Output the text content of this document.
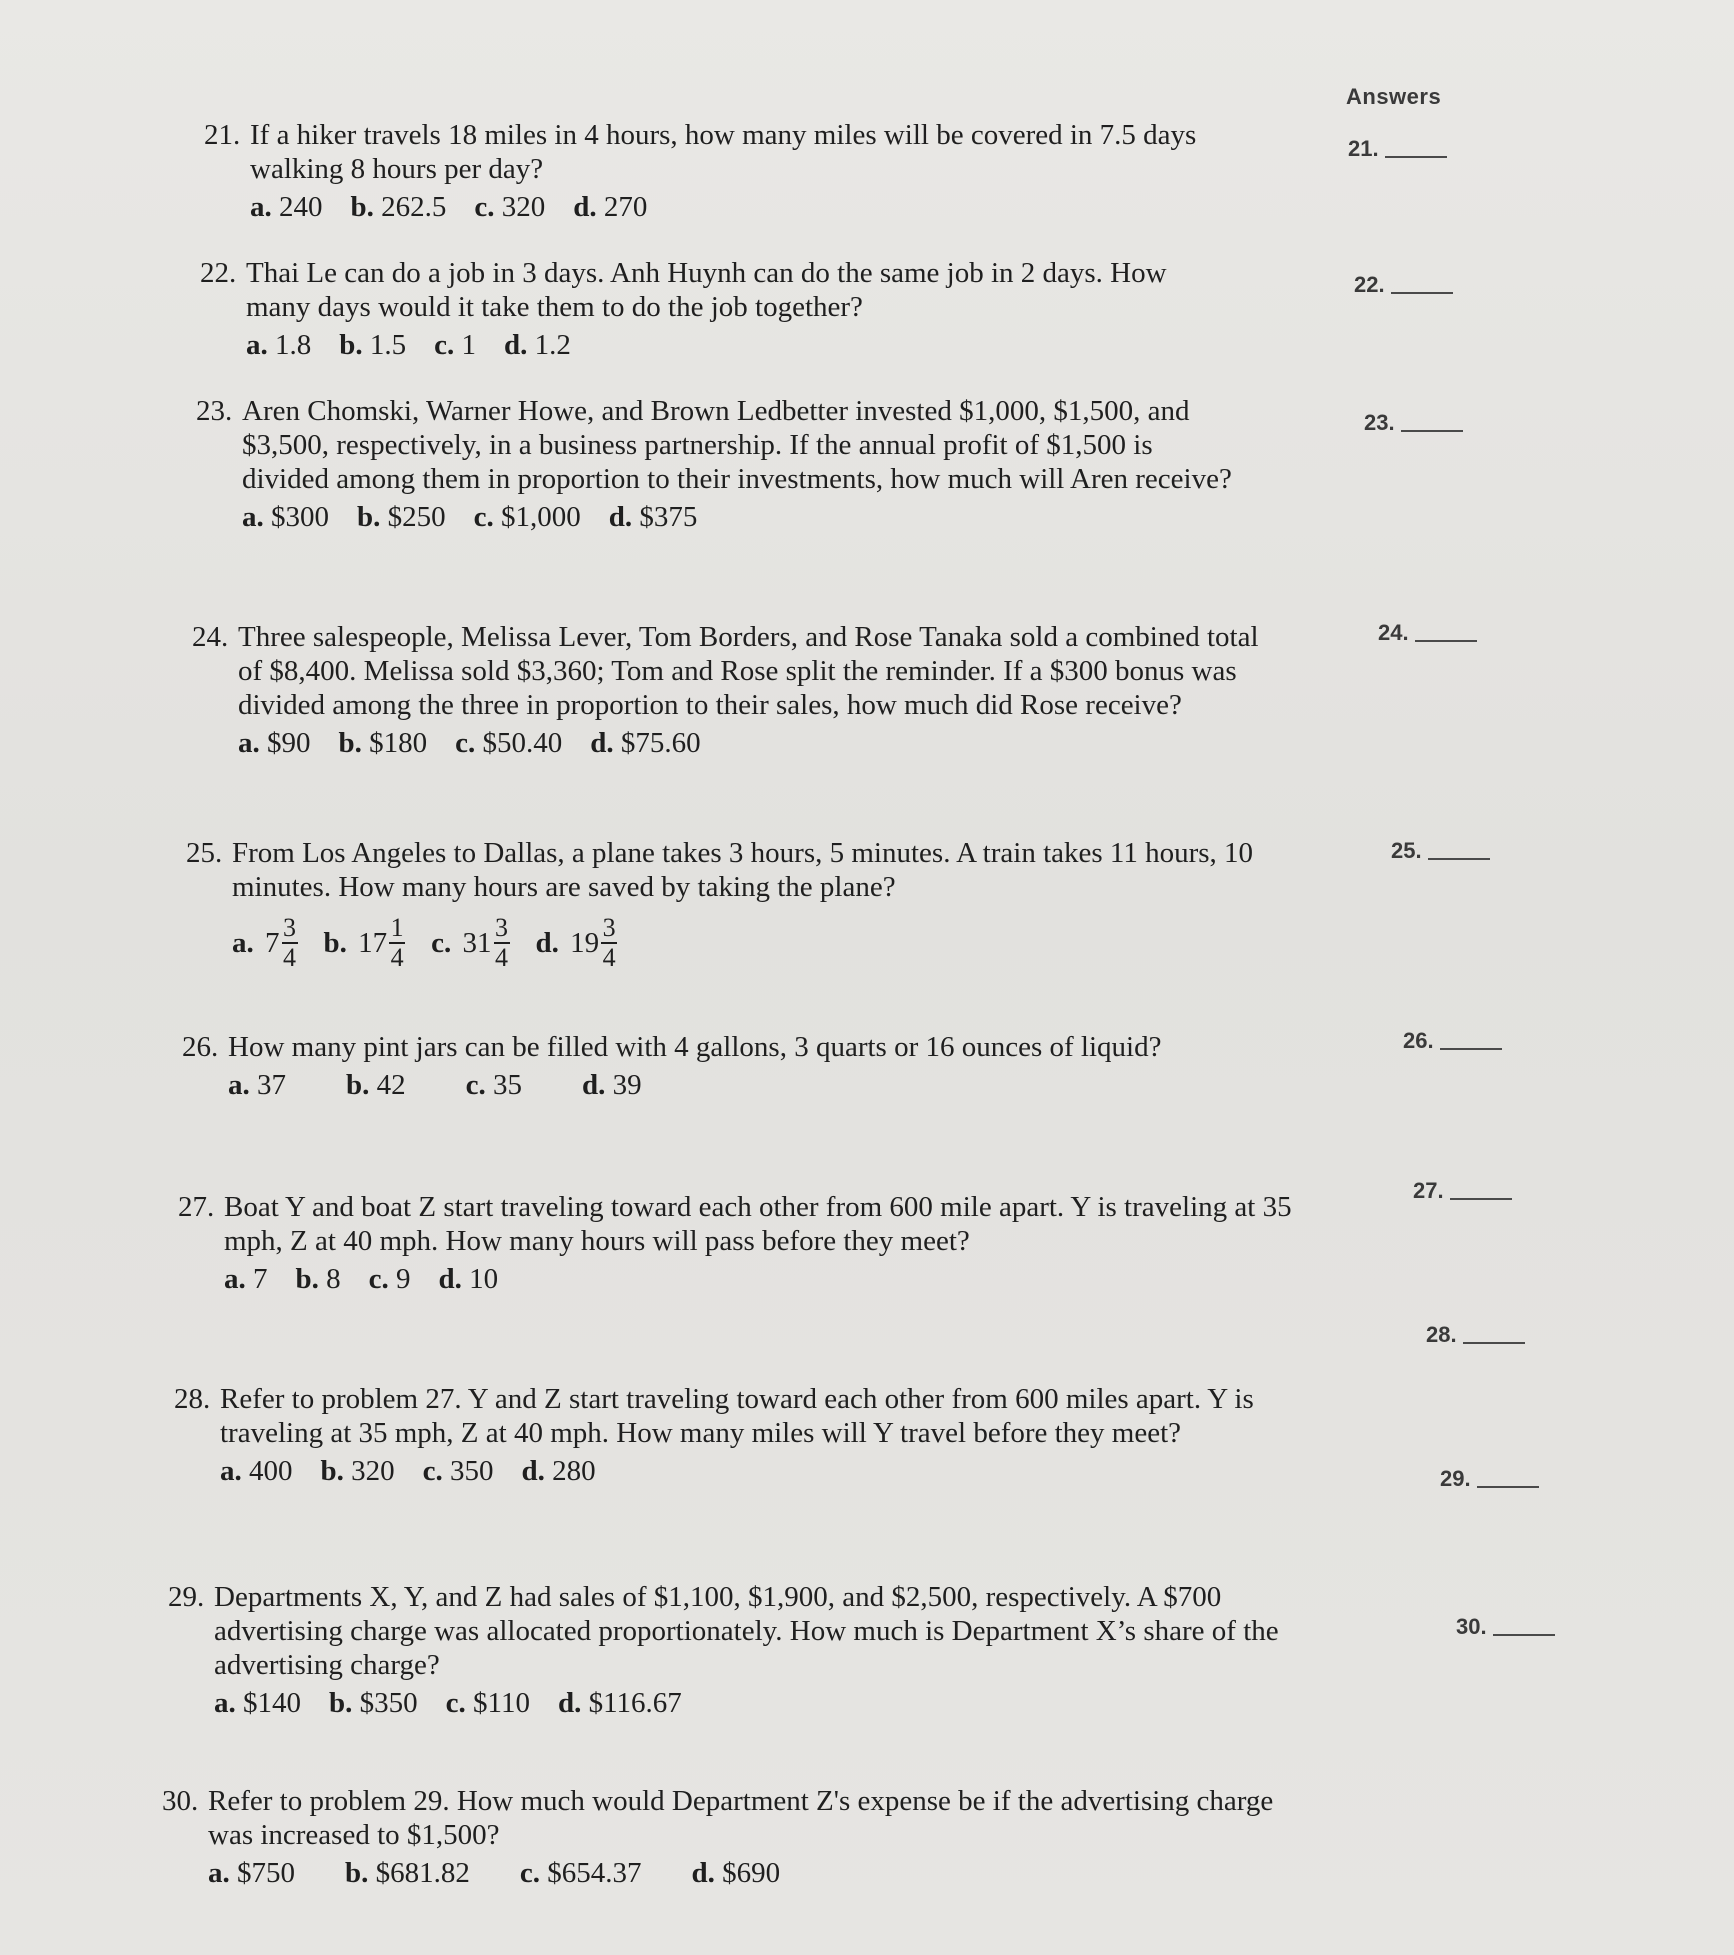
Answers
21.
22.
23.
24.
25.
26.
27.
28.
29.
30.
21. If a hiker travels 18 miles in 4 hours, how many miles will be covered in 7.5 days walking 8 hours per day?
a. 240 b. 262.5 c. 320 d. 270
22. Thai Le can do a job in 3 days. Anh Huynh can do the same job in 2 days. How many days would it take them to do the job together?
a. 1.8 b. 1.5 c. 1 d. 1.2
23. Aren Chomski, Warner Howe, and Brown Ledbetter invested $1,000, $1,500, and $3,500, respectively, in a business partnership. If the annual profit of $1,500 is divided among them in proportion to their investments, how much will Aren receive?
a. $300 b. $250 c. $1,000 d. $375
24. Three salespeople, Melissa Lever, Tom Borders, and Rose Tanaka sold a combined total of $8,400. Melissa sold $3,360; Tom and Rose split the reminder. If a $300 bonus was divided among the three in proportion to their sales, how much did Rose receive?
a. $90 b. $180 c. $50.40 d. $75.60
25. From Los Angeles to Dallas, a plane takes 3 hours, 5 minutes. A train takes 11 hours, 10 minutes. How many hours are saved by taking the plane?
a.
$7 \frac{3}{4} b$.
$17 \frac{1}{4} c$.
$31 \frac{3}{4} d$.
$19 \frac{3}{4}$
26. How many pint jars can be filled with 4 gallons, 3 quarts or 16 ounces of liquid?
a. 37 b. 42 c. 35 d. 39
27. Boat Y and boat Z start traveling toward each other from 600 mile apart. Y is traveling at 35 mph, Z at 40 mph. How many hours will pass before they meet?
a. 7 b. 8 c. 9 d. 10
28. Refer to problem 27. Y and Z start traveling toward each other from 600 miles apart. Y is traveling at 35 mph, Z at 40 mph. How many miles will Y travel before they meet?
a. 400 b. 320 c. 350 d. 280
29. Departments X, Y, and Z had sales of $1,100, $1,900, and $2,500, respectively. A $700 advertising charge was allocated proportionately. How much is Department X’s share of the advertising charge?
a. $140 b. $350 c. $110 d. $116.67
30. Refer to problem 29. How much would Department Z's expense be if the advertising charge was increased to $1,500?
a. $750 b. $681.82 c. $654.37 d. $690
